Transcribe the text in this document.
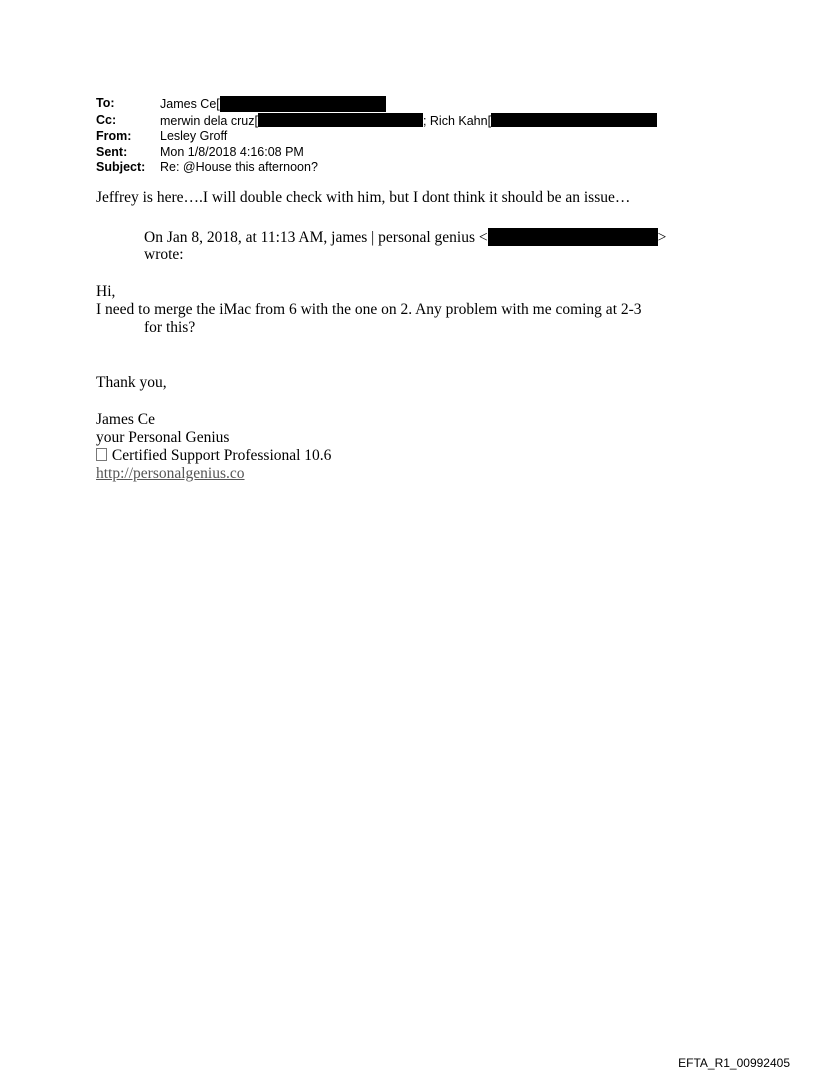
To:	James Ce[
Cc:	merwin dela cruz[	; Rich Kahn[
From:	Lesley Groff
Sent:	Mon 1/8/2018 4:16:08 PM
Subject:	Re: @House this afternoon?
Jeffrey is here….I will double check with him, but I dont think it should be an issue…
On Jan 8, 2018, at 11:13 AM, james | personal genius <	>
wrote:
Hi,
I need to merge the iMac from 6 with the one on 2. Any problem with me coming at 2-3
for this?
Thank you,
James Ce
your Personal Genius
Certified Support Professional 10.6
http://personalgenius.co
EFTA_R1_00992405
